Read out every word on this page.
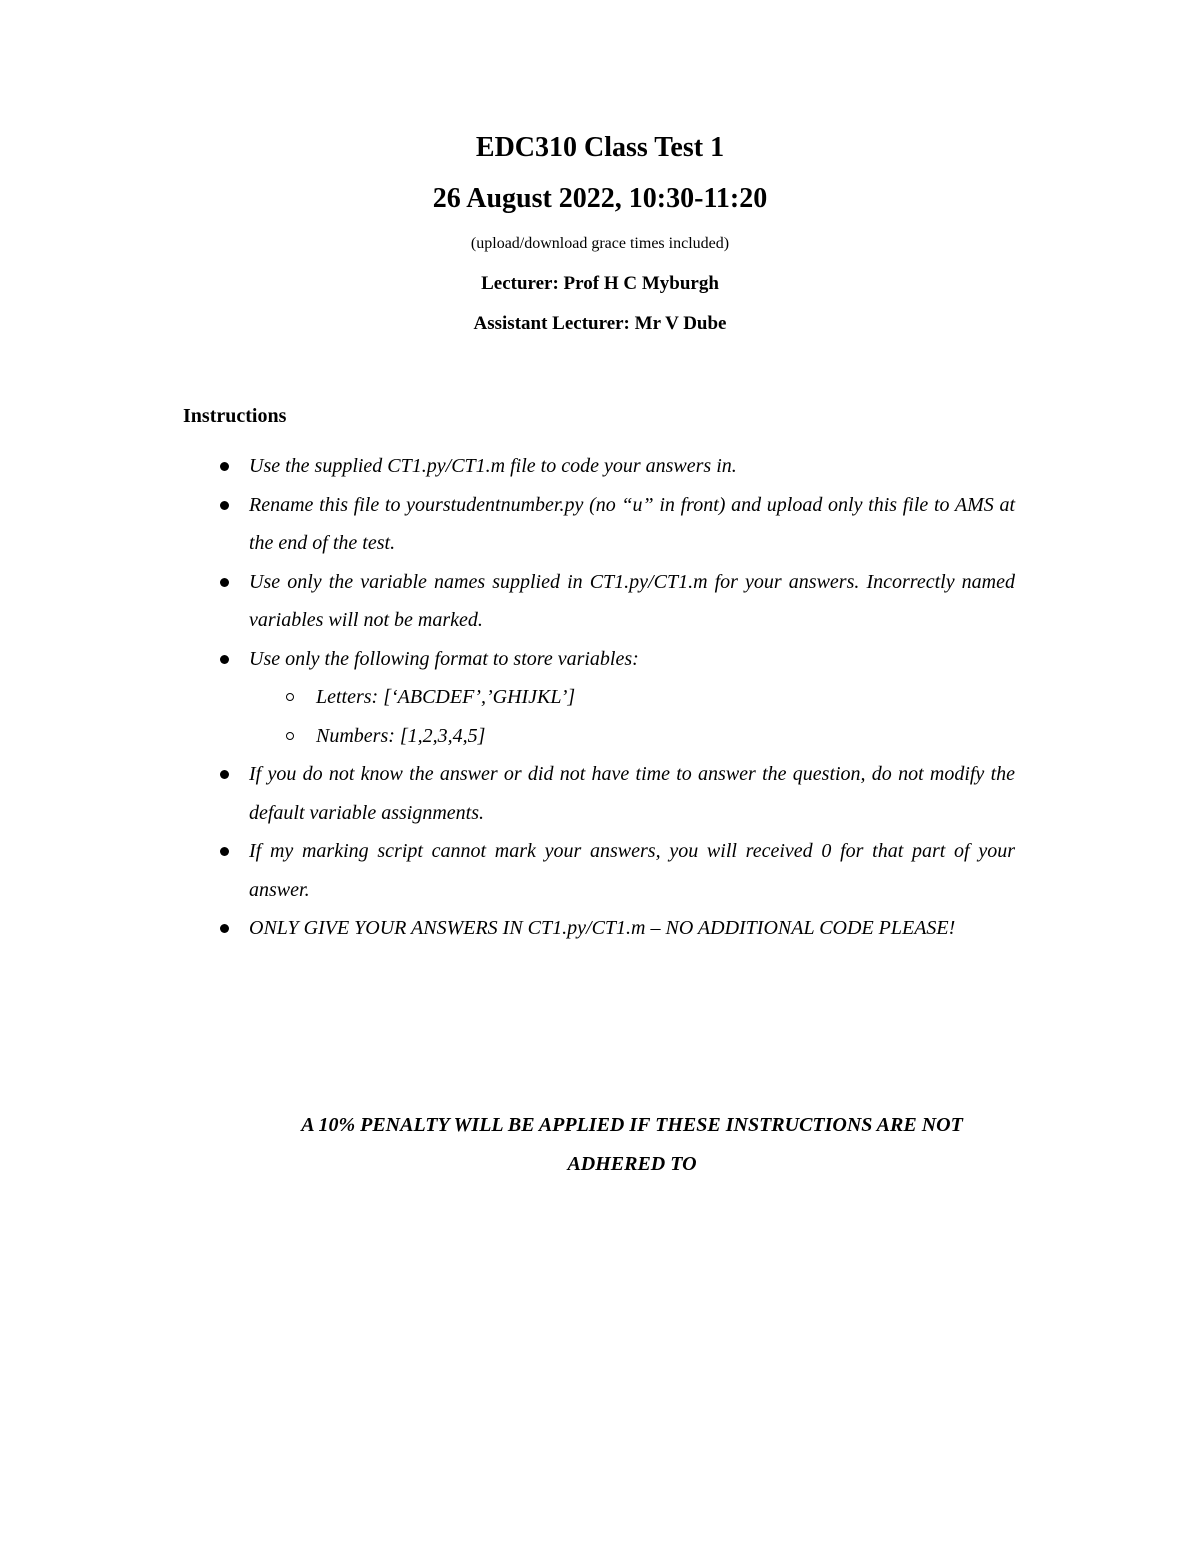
EDC310 Class Test 1
26 August 2022, 10:30-11:20
(upload/download grace times included)
Lecturer: Prof H C Myburgh
Assistant Lecturer: Mr V Dube
Instructions
Use the supplied CT1.py/CT1.m file to code your answers in.
Rename this file to yourstudentnumber.py (no “u” in front) and upload only this file to AMS at the end of the test.
Use only the variable names supplied in CT1.py/CT1.m for your answers. Incorrectly named variables will not be marked.
Use only the following format to store variables:
Letters: [‘ABCDEF’,’GHIJKL’]
Numbers: [1,2,3,4,5]
If you do not know the answer or did not have time to answer the question, do not modify the default variable assignments.
If my marking script cannot mark your answers, you will received 0 for that part of your answer.
ONLY GIVE YOUR ANSWERS IN CT1.py/CT1.m – NO ADDITIONAL CODE PLEASE!
A 10% PENALTY WILL BE APPLIED IF THESE INSTRUCTIONS ARE NOT
ADHERED TO
